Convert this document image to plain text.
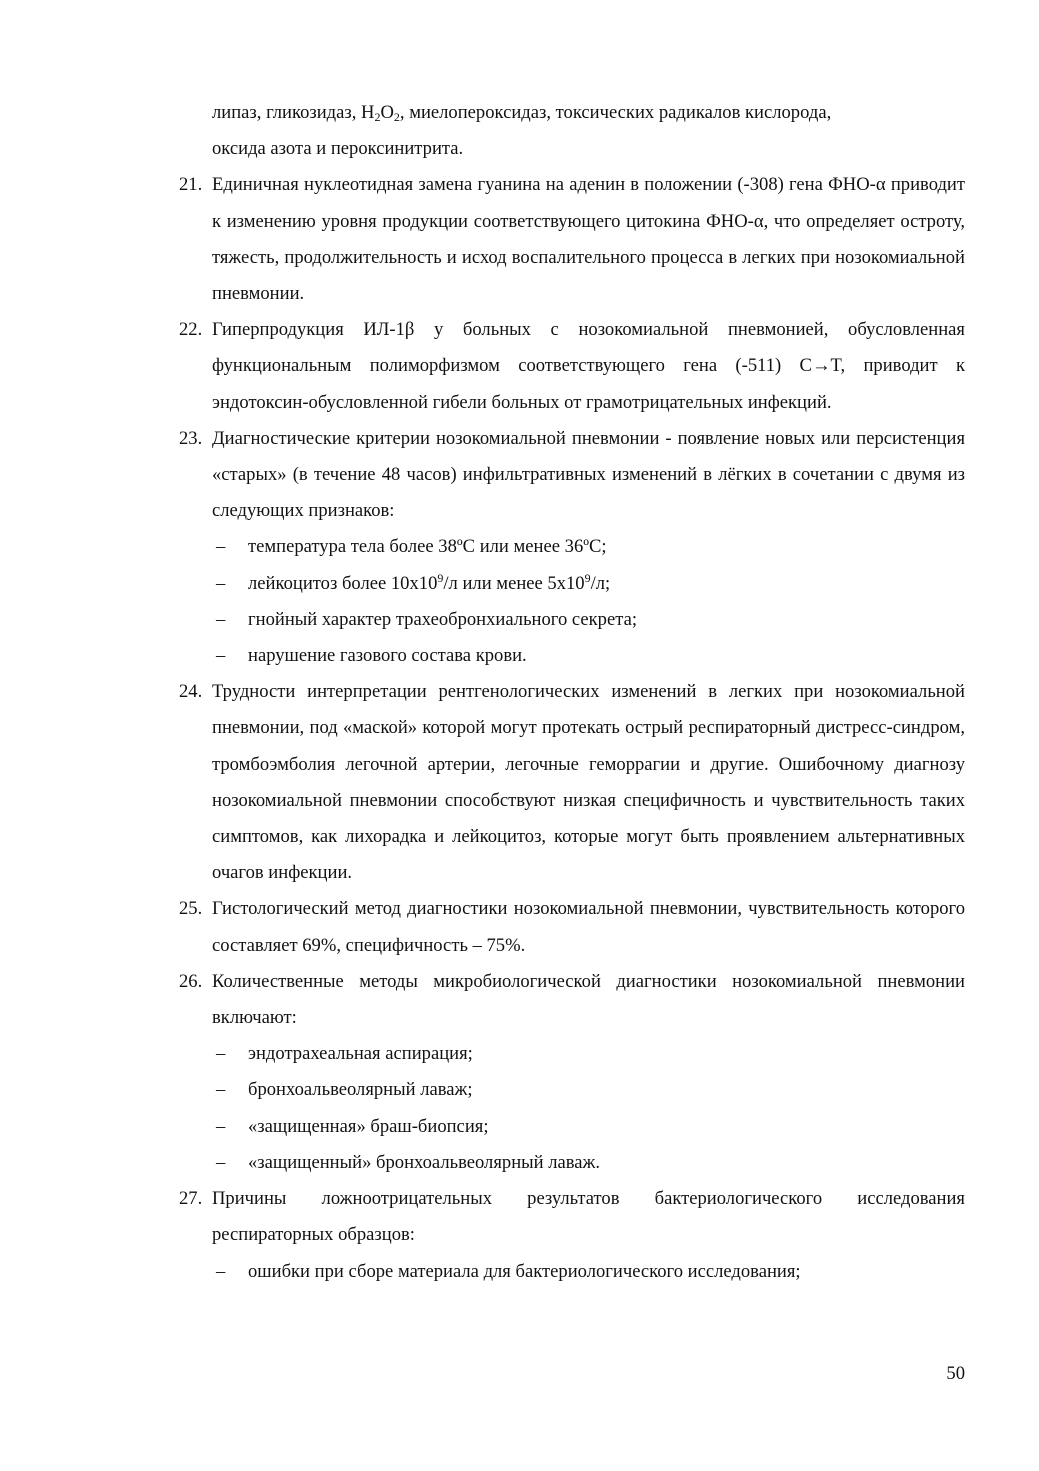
липаз, гликозидаз, $H_2O_2$, миелопероксидаз, токсических радикалов кислорода,
оксида азота и пероксинитрита.
21. Единичная нуклеотидная замена гуанина на аденин в положении (-308) гена ФНО-α приводит к изменению уровня продукции соответствующего цитокина ФНО-α, что определяет остроту, тяжесть, продолжительность и исход воспалительного процесса в легких при нозокомиальной пневмонии.
22. Гиперпродукция ИЛ-1β у больных с нозокомиальной пневмонией, обусловленная функциональным полиморфизмом соответствующего гена (-511) C→T, приводит к эндотоксин-обусловленной гибели больных от грамотрицательных инфекций.
23. Диагностические критерии нозокомиальной пневмонии - появление новых или персистенция «старых» (в течение 48 часов) инфильтративных изменений в лёгких в сочетании с двумя из следующих признаков:
– температура тела более 38ºС или менее 36ºС;
– лейкоцитоз более $10х10^9/л$ или менее $5х10^9/л$;
– гнойный характер трахеобронхиального секрета;
– нарушение газового состава крови.
24. Трудности интерпретации рентгенологических изменений в легких при нозокомиальной пневмонии, под «маской» которой могут протекать острый респираторный дистресс-синдром, тромбоэмболия легочной артерии, легочные геморрагии и другие. Ошибочному диагнозу нозокомиальной пневмонии способствуют низкая специфичность и чувствительность таких симптомов, как лихорадка и лейкоцитоз, которые могут быть проявлением альтернативных очагов инфекции.
25. Гистологический метод диагностики нозокомиальной пневмонии, чувствительность которого составляет 69%, специфичность – 75%.
26. Количественные методы микробиологической диагностики нозокомиальной пневмонии включают:
– эндотрахеальная аспирация;
– бронхоальвеолярный лаваж;
– «защищенная» браш-биопсия;
– «защищенный» бронхоальвеолярный лаваж.
27. Причины ложноотрицательных результатов бактериологического исследования респираторных образцов:
– ошибки при сборе материала для бактериологического исследования;
50
